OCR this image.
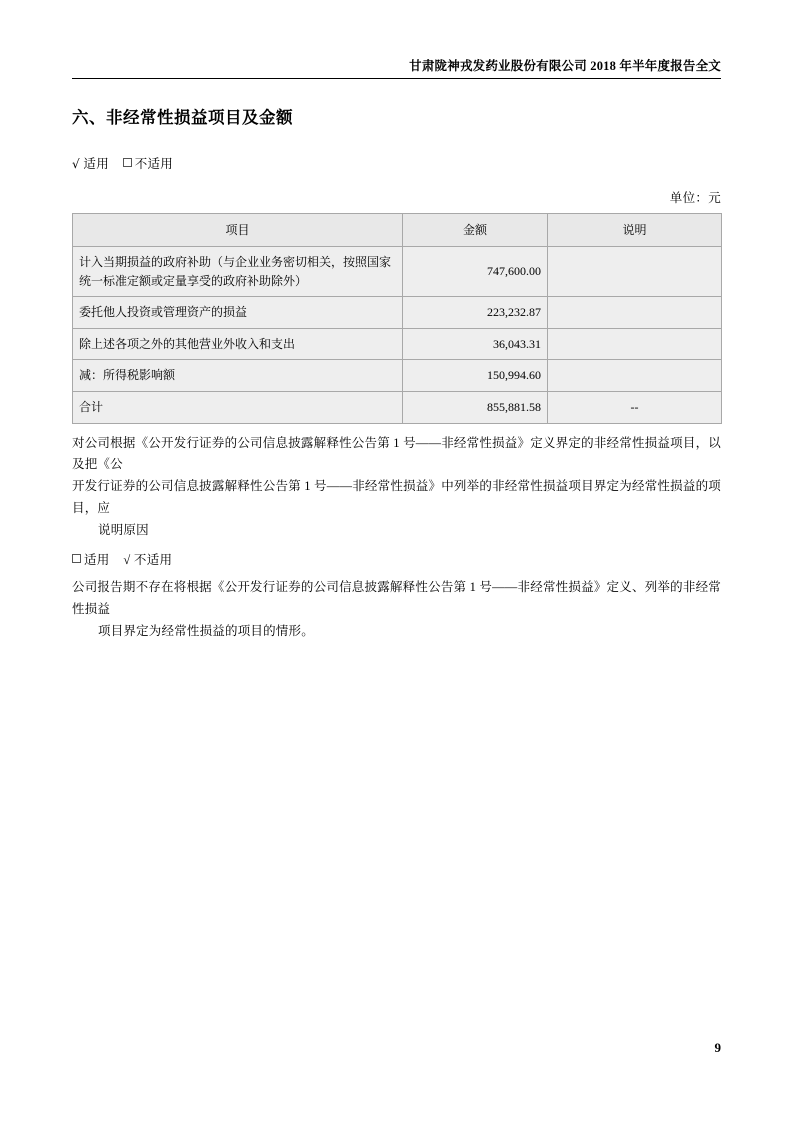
甘肃陇神戎发药业股份有限公司 2018 年半年度报告全文
六、非经常性损益项目及金额
√ 适用 不适用
单位：元
项目	金额	说明
计入当期损益的政府补助（与企业业务密切相关，按照国家统一标准定额或定量享受的政府补助除外）	747,600.00	
委托他人投资或管理资产的损益	223,232.87	
除上述各项之外的其他营业外收入和支出	36,043.31	
减：所得税影响额	150,994.60	
合计	855,881.58	--
对公司根据《公开发行证券的公司信息披露解释性公告第 1 号——非经常性损益》定义界定的非经常性损益项目，以及把《公
开发行证券的公司信息披露解释性公告第 1 号——非经常性损益》中列举的非经常性损益项目界定为经常性损益的项目，应
说明原因
适用 √ 不适用
公司报告期不存在将根据《公开发行证券的公司信息披露解释性公告第 1 号——非经常性损益》定义、列举的非经常性损益
项目界定为经常性损益的项目的情形。
9
